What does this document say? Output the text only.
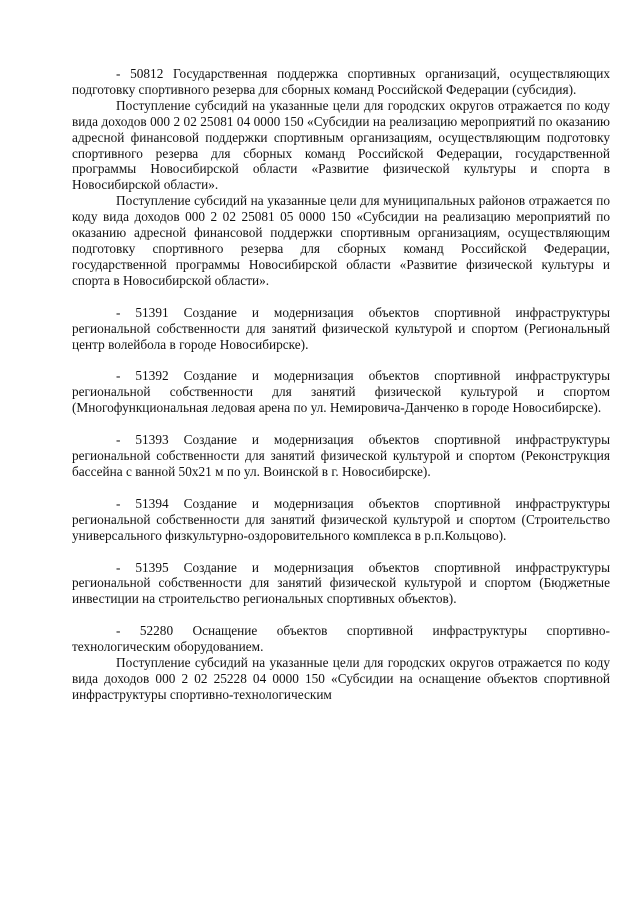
- 50812 Государственная поддержка спортивных организаций, осуществляющих подготовку спортивного резерва для сборных команд Российской Федерации (субсидия).

Поступление субсидий на указанные цели для городских округов отражается по коду вида доходов 000 2 02 25081 04 0000 150 «Субсидии на реализацию мероприятий по оказанию адресной финансовой поддержки спортивным организациям, осуществляющим подготовку спортивного резерва для сборных команд Российской Федерации, государственной программы Новосибирской области «Развитие физической культуры и спорта в Новосибирской области».

Поступление субсидий на указанные цели для муниципальных районов отражается по коду вида доходов 000 2 02 25081 05 0000 150 «Субсидии на реализацию мероприятий по оказанию адресной финансовой поддержки спортивным организациям, осуществляющим подготовку спортивного резерва для сборных команд Российской Федерации, государственной программы Новосибирской области «Развитие физической культуры и спорта в Новосибирской области».

- 51391 Создание и модернизация объектов спортивной инфраструктуры региональной собственности для занятий физической культурой и спортом (Региональный центр волейбола в городе Новосибирске).

- 51392 Создание и модернизация объектов спортивной инфраструктуры региональной собственности для занятий физической культурой и спортом (Многофункциональная ледовая арена по ул. Немировича-Данченко в городе Новосибирске).

- 51393 Создание и модернизация объектов спортивной инфраструктуры региональной собственности для занятий физической культурой и спортом (Реконструкция бассейна с ванной 50х21 м по ул. Воинской в г. Новосибирске).

- 51394 Создание и модернизация объектов спортивной инфраструктуры региональной собственности для занятий физической культурой и спортом (Строительство универсального физкультурно-оздоровительного комплекса в р.п.Кольцово).

- 51395 Создание и модернизация объектов спортивной инфраструктуры региональной собственности для занятий физической культурой и спортом (Бюджетные инвестиции на строительство региональных спортивных объектов).

- 52280 Оснащение объектов спортивной инфраструктуры спортивно-технологическим оборудованием.

Поступление субсидий на указанные цели для городских округов отражается по коду вида доходов 000 2 02 25228 04 0000 150 «Субсидии на оснащение объектов спортивной инфраструктуры спортивно-технологическим
